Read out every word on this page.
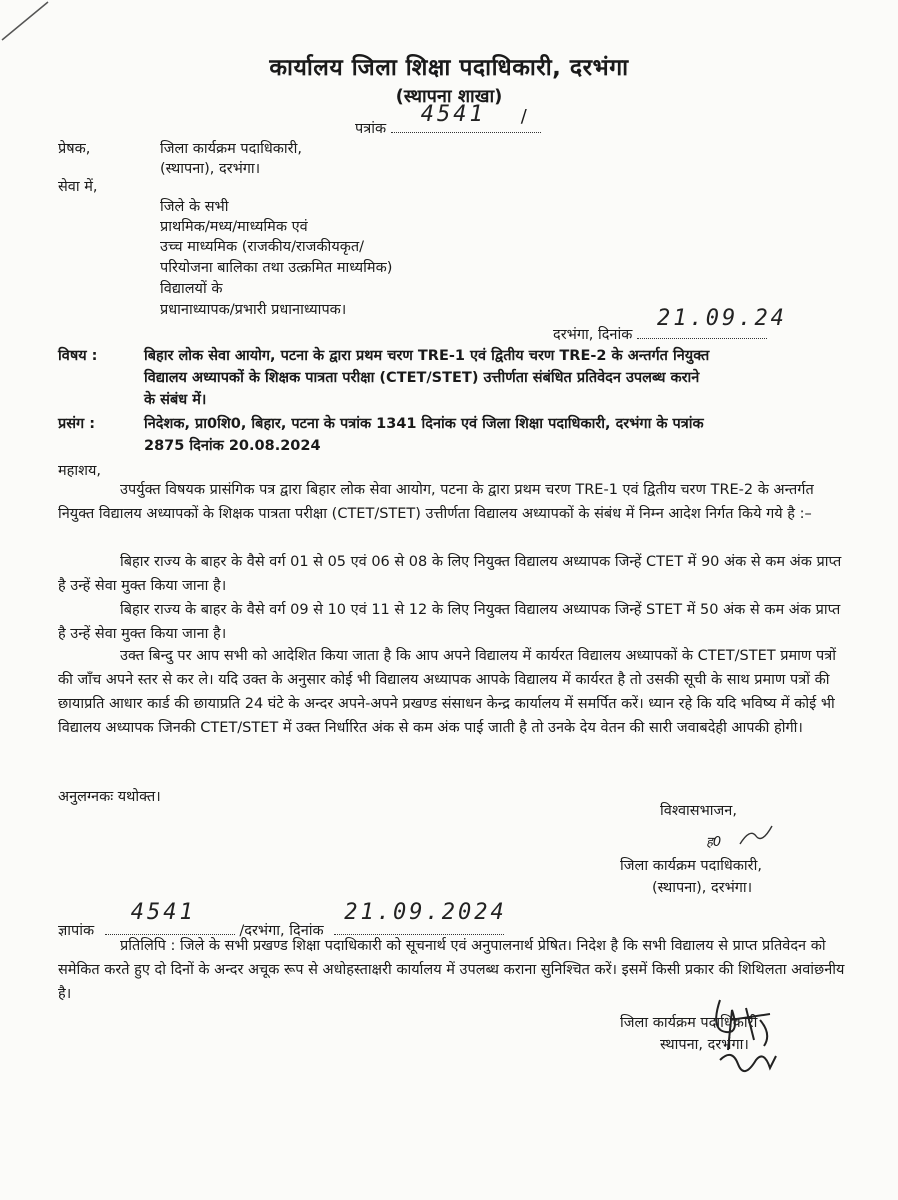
कार्यालय जिला शिक्षा पदाधिकारी, दरभंगा
(स्थापना शाखा)
पत्रांक
4541 /
प्रेषक,	जिला कार्यक्रम पदाधिकारी,
(स्थापना), दरभंगा।
सेवा में,
जिले के सभी
प्राथमिक/मध्य/माध्यमिक एवं
उच्च माध्यमिक (राजकीय/राजकीयकृत/
परियोजना बालिका तथा उत्क्रमित माध्यमिक)
विद्यालयों के
प्रधानाध्यापक/प्रभारी प्रधानाध्यापक।
दरभंगा, दिनांक
21.09.24
विषय :	बिहार लोक सेवा आयोग, पटना के द्वारा प्रथम चरण TRE-1 एवं द्वितीय चरण TRE-2 के अन्तर्गत नियुक्त
विद्यालय अध्यापकों के शिक्षक पात्रता परीक्षा (CTET/STET) उत्तीर्णता संबंधित प्रतिवेदन उपलब्ध कराने
के संबंध में।
प्रसंग :	निदेशक, प्रा0शि0, बिहार, पटना के पत्रांक 1341 दिनांक एवं जिला शिक्षा पदाधिकारी, दरभंगा के पत्रांक
2875 दिनांक 20.08.2024
महाशय,
उपर्युक्त विषयक प्रासंगिक पत्र द्वारा बिहार लोक सेवा आयोग, पटना के द्वारा प्रथम चरण TRE-1 एवं द्वितीय चरण TRE-2 के अन्तर्गत नियुक्त विद्यालय अध्यापकों के शिक्षक पात्रता परीक्षा (CTET/STET) उत्तीर्णता विद्यालय अध्यापकों के संबंध में निम्न आदेश निर्गत किये गये है :–
बिहार राज्य के बाहर के वैसे वर्ग 01 से 05 एवं 06 से 08 के लिए नियुक्त विद्यालय अध्यापक जिन्हें CTET में 90 अंक से कम अंक प्राप्त है उन्हें सेवा मुक्त किया जाना है।
बिहार राज्य के बाहर के वैसे वर्ग 09 से 10 एवं 11 से 12 के लिए नियुक्त विद्यालय अध्यापक जिन्हें STET में 50 अंक से कम अंक प्राप्त है उन्हें सेवा मुक्त किया जाना है।
उक्त बिन्दु पर आप सभी को आदेशित किया जाता है कि आप अपने विद्यालय में कार्यरत विद्यालय अध्यापकों के CTET/STET प्रमाण पत्रों की जाँच अपने स्तर से कर ले। यदि उक्त के अनुसार कोई भी विद्यालय अध्यापक आपके विद्यालय में कार्यरत है तो उसकी सूची के साथ प्रमाण पत्रों की छायाप्रति आधार कार्ड की छायाप्रति 24 घंटे के अन्दर अपने-अपने प्रखण्ड संसाधन केन्द्र कार्यालय में समर्पित करें। ध्यान रहे कि यदि भविष्य में कोई भी विद्यालय अध्यापक जिनकी CTET/STET में उक्त निर्धारित अंक से कम अंक पाई जाती है तो उनके देय वेतन की सारी जवाबदेही आपकी होगी।
अनुलग्नकः यथोक्त।
विश्वासभाजन,
ह0
जिला कार्यक्रम पदाधिकारी,
(स्थापना), दरभंगा।
ज्ञापांक
4541
/दरभंगा, दिनांक
21.09.2024
प्रतिलिपि : जिले के सभी प्रखण्ड शिक्षा पदाधिकारी को सूचनार्थ एवं अनुपालनार्थ प्रेषित। निदेश है कि सभी विद्यालय से प्राप्त प्रतिवेदन को समेकित करते हुए दो दिनों के अन्दर अचूक रूप से अधोहस्ताक्षरी कार्यालय में उपलब्ध कराना सुनिश्चित करें। इसमें किसी प्रकार की शिथिलता अवांछनीय है।
जिला कार्यक्रम पदाधिकारी
स्थापना, दरभंगा।
